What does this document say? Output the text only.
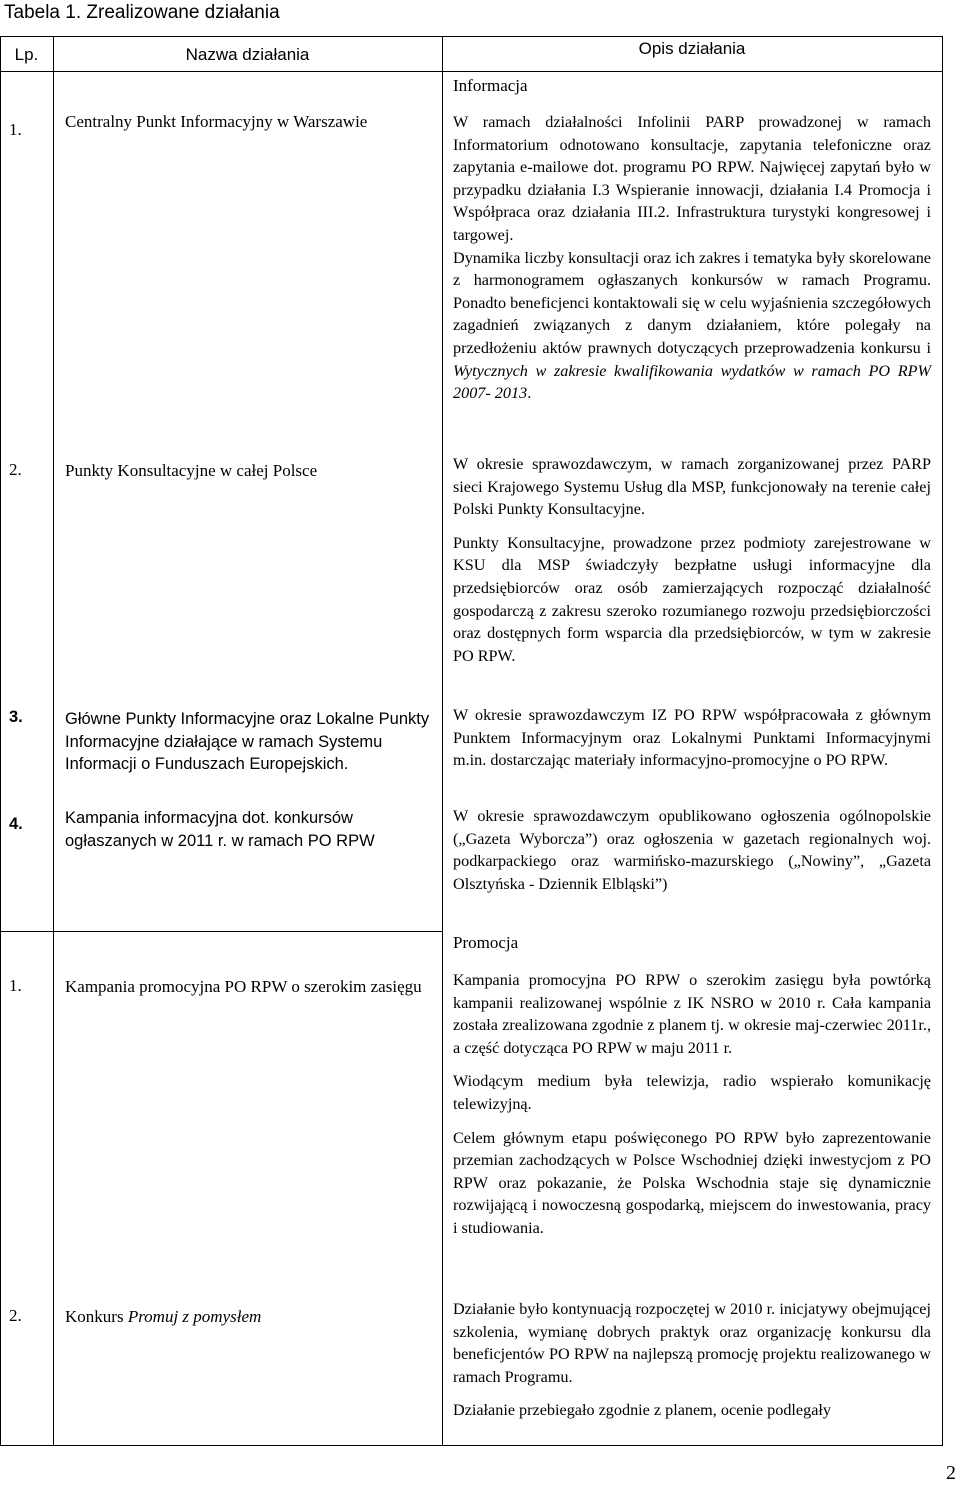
Tabela 1. Zrealizowane działania
Lp.	Nazwa działania	Opis działania
Informacja
1.	Centralny Punkt Informacyjny w Warszawie	W ramach działalności Infolinii PARP prowadzonej w ramach Informatorium odnotowano konsultacje, zapytania telefoniczne oraz zapytania e-mailowe dot. programu PO RPW. Najwięcej zapytań było w przypadku działania I.3 Wspieranie innowacji, działania I.4 Promocja i Współpraca oraz działania III.2. Infrastruktura turystyki kongresowej i targowej.

Dynamika liczby konsultacji oraz ich zakres i tematyka były skorelowane z harmonogramem ogłaszanych konkursów w ramach Programu. Ponadto beneficjenci kontaktowali się w celu wyjaśnienia szczegółowych zagadnień związanych z danym działaniem, które polegały na przedłożeniu aktów prawnych dotyczących przeprowadzenia konkursu i Wytycznych w zakresie kwalifikowania wydatków w ramach PO RPW 2007- 2013.

2.	Punkty Konsultacyjne w całej Polsce	W okresie sprawozdawczym, w ramach zorganizowanej przez PARP sieci Krajowego Systemu Usług dla MSP, funkcjonowały na terenie całej Polski Punkty Konsultacyjne.

Punkty Konsultacyjne, prowadzone przez podmioty zarejestrowane w KSU dla MSP świadczyły bezpłatne usługi informacyjne dla przedsiębiorców oraz osób zamierzających rozpocząć działalność gospodarczą z zakresu szeroko rozumianego rozwoju przedsiębiorczości oraz dostępnych form wsparcia dla przedsiębiorców, w tym w zakresie PO RPW.

3.	Główne Punkty Informacyjne oraz Lokalne Punkty Informacyjne działające w ramach Systemu Informacji o Funduszach Europejskich.

W okresie sprawozdawczym IZ PO RPW współpracowała z głównym Punktem Informacyjnym oraz Lokalnymi Punktami Informacyjnymi m.in. dostarczając materiały informacyjno-promocyjne o PO RPW.

4.	Kampania informacyjna dot. konkursów ogłaszanych w 2011 r. w ramach PO RPW

W okresie sprawozdawczym opublikowano ogłoszenia ogólnopolskie („Gazeta Wyborcza”) oraz ogłoszenia w gazetach regionalnych woj. podkarpackiego oraz warmińsko-mazurskiego („Nowiny”, „Gazeta Olsztyńska - Dziennik Elbląski”)

Promocja
1.	Kampania promocyjna PO RPW o szerokim zasięgu	Kampania promocyjna PO RPW o szerokim zasięgu była powtórką kampanii realizowanej wspólnie z IK NSRO w 2010 r. Cała kampania została zrealizowana zgodnie z planem tj. w okresie maj-czerwiec 2011r., a część dotycząca PO RPW w maju 2011 r.

Wiodącym medium była telewizja, radio wspierało komunikację telewizyjną.

Celem głównym etapu poświęconego PO RPW było zaprezentowanie przemian zachodzących w Polsce Wschodniej dzięki inwestycjom z PO RPW oraz pokazanie, że Polska Wschodnia staje się dynamicznie rozwijającą i nowoczesną gospodarką, miejscem do inwestowania, pracy i studiowania.

2.	Konkurs Promuj z pomysłem	Działanie było kontynuacją rozpoczętej w 2010 r. inicjatywy obejmującej szkolenia, wymianę dobrych praktyk oraz organizację konkursu dla beneficjentów PO RPW na najlepszą promocję projektu realizowanego w ramach Programu.

Działanie przebiegało zgodnie z planem, ocenie podlegały

2
